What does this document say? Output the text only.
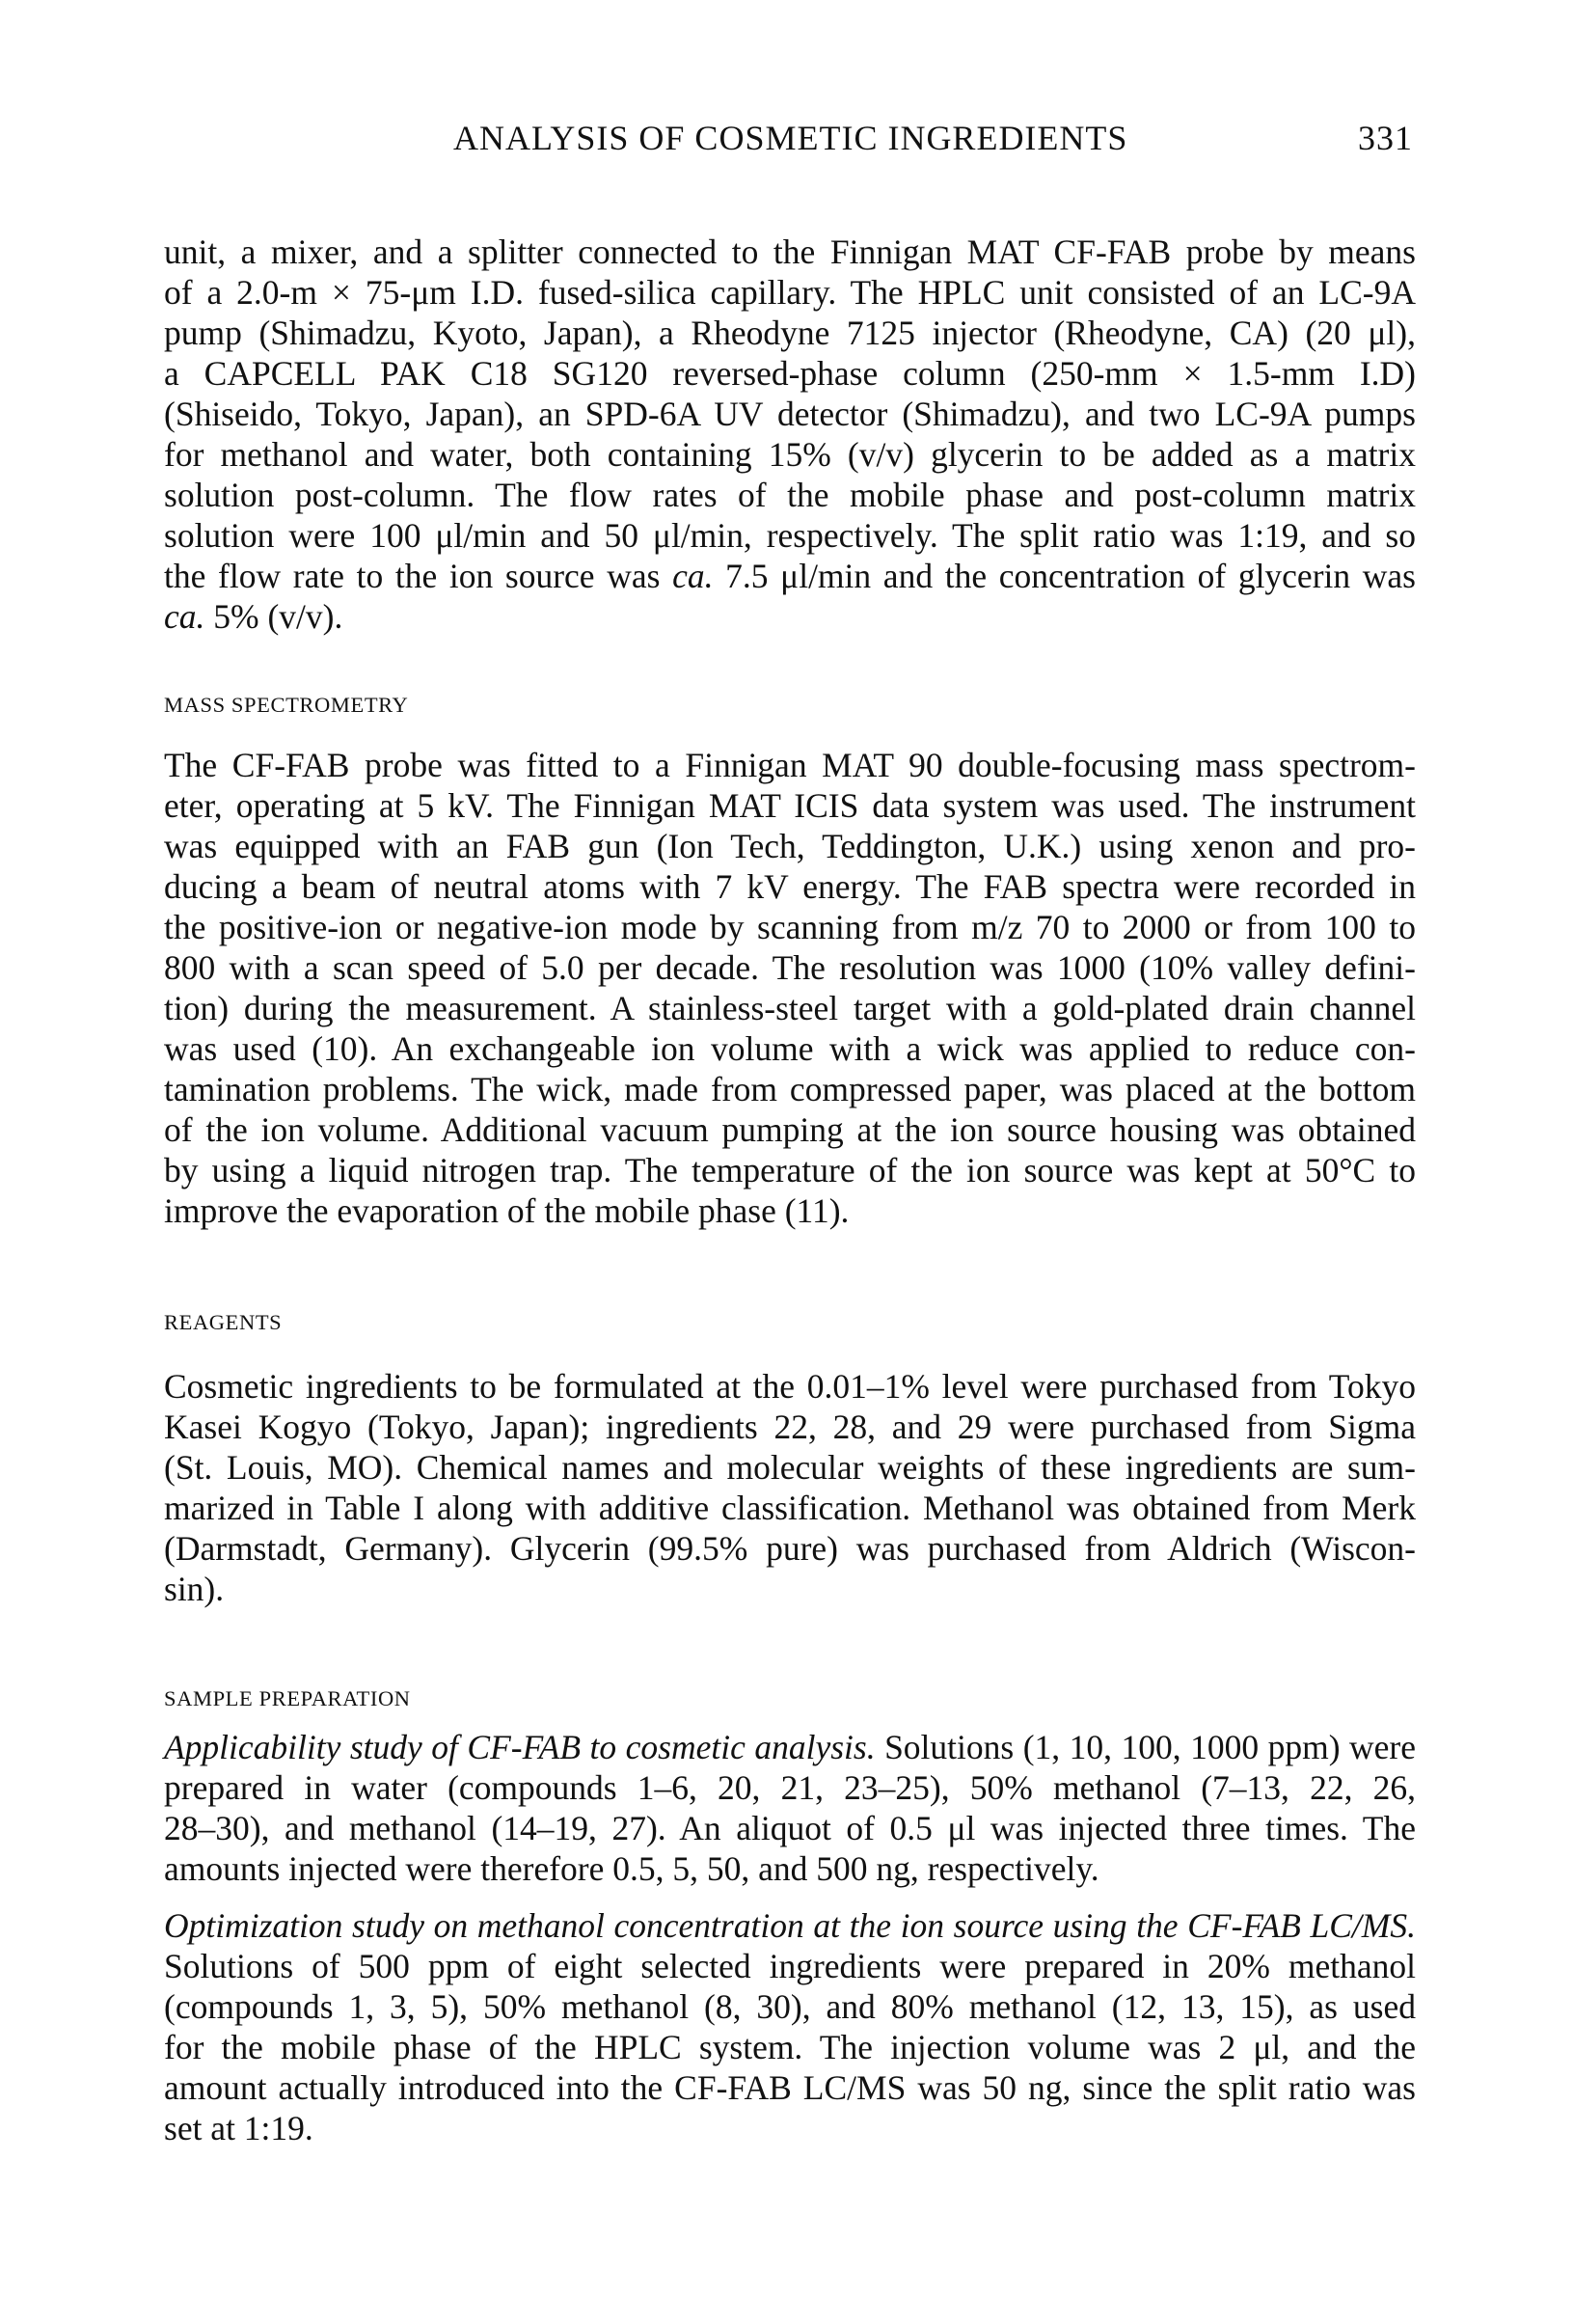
ANALYSIS OF COSMETIC INGREDIENTS	331
unit, a mixer, and a splitter connected to the Finnigan MAT CF-FAB probe by means
of a 2.0-m × 75-μm I.D. fused-silica capillary. The HPLC unit consisted of an LC-9A
pump (Shimadzu, Kyoto, Japan), a Rheodyne 7125 injector (Rheodyne, CA) (20 μl),
a CAPCELL PAK C18 SG120 reversed-phase column (250-mm × 1.5-mm I.D)
(Shiseido, Tokyo, Japan), an SPD-6A UV detector (Shimadzu), and two LC-9A pumps
for methanol and water, both containing 15% (v/v) glycerin to be added as a matrix
solution post-column. The flow rates of the mobile phase and post-column matrix
solution were 100 μl/min and 50 μl/min, respectively. The split ratio was 1:19, and so
the flow rate to the ion source was ca. 7.5 μl/min and the concentration of glycerin was
ca. 5% (v/v).
MASS SPECTROMETRY
The CF-FAB probe was fitted to a Finnigan MAT 90 double-focusing mass spectrom-
eter, operating at 5 kV. The Finnigan MAT ICIS data system was used. The instrument
was equipped with an FAB gun (Ion Tech, Teddington, U.K.) using xenon and pro-
ducing a beam of neutral atoms with 7 kV energy. The FAB spectra were recorded in
the positive-ion or negative-ion mode by scanning from m/z 70 to 2000 or from 100 to
800 with a scan speed of 5.0 per decade. The resolution was 1000 (10% valley defini-
tion) during the measurement. A stainless-steel target with a gold-plated drain channel
was used (10). An exchangeable ion volume with a wick was applied to reduce con-
tamination problems. The wick, made from compressed paper, was placed at the bottom
of the ion volume. Additional vacuum pumping at the ion source housing was obtained
by using a liquid nitrogen trap. The temperature of the ion source was kept at 50°C to
improve the evaporation of the mobile phase (11).
REAGENTS
Cosmetic ingredients to be formulated at the 0.01–1% level were purchased from Tokyo
Kasei Kogyo (Tokyo, Japan); ingredients 22, 28, and 29 were purchased from Sigma
(St. Louis, MO). Chemical names and molecular weights of these ingredients are sum-
marized in Table I along with additive classification. Methanol was obtained from Merk
(Darmstadt, Germany). Glycerin (99.5% pure) was purchased from Aldrich (Wiscon-
sin).
SAMPLE PREPARATION
Applicability study of CF-FAB to cosmetic analysis. Solutions (1, 10, 100, 1000 ppm) were
prepared in water (compounds 1–6, 20, 21, 23–25), 50% methanol (7–13, 22, 26,
28–30), and methanol (14–19, 27). An aliquot of 0.5 μl was injected three times. The
amounts injected were therefore 0.5, 5, 50, and 500 ng, respectively.
Optimization study on methanol concentration at the ion source using the CF-FAB LC/MS.
Solutions of 500 ppm of eight selected ingredients were prepared in 20% methanol
(compounds 1, 3, 5), 50% methanol (8, 30), and 80% methanol (12, 13, 15), as used
for the mobile phase of the HPLC system. The injection volume was 2 μl, and the
amount actually introduced into the CF-FAB LC/MS was 50 ng, since the split ratio was
set at 1:19.
